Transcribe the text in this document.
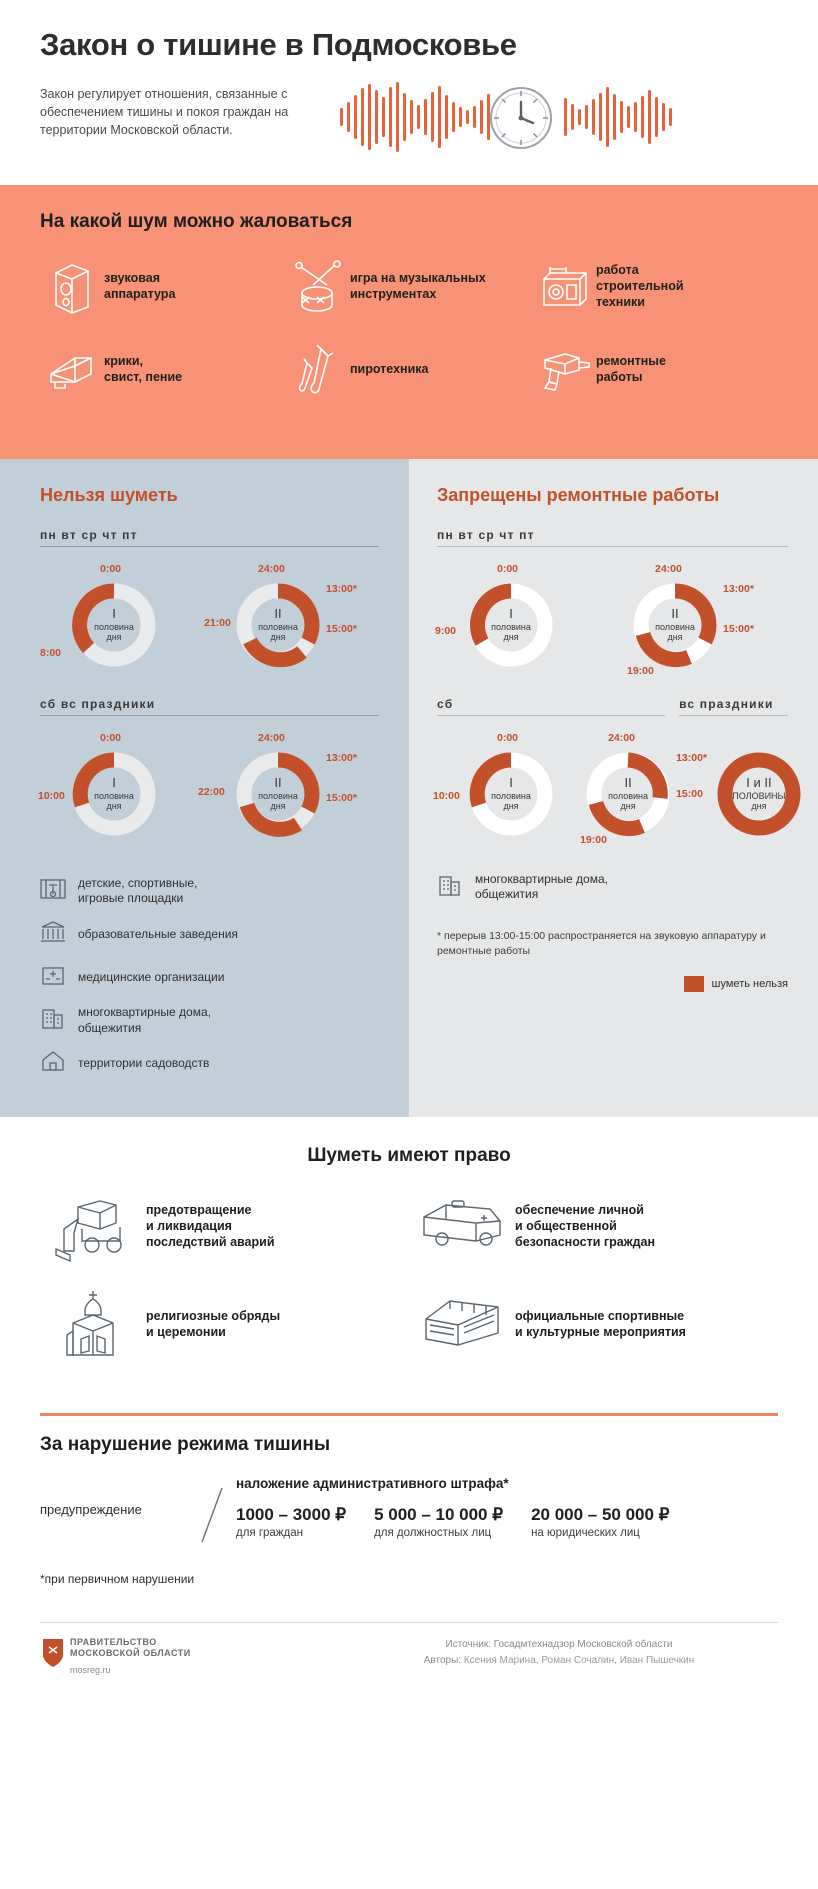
Закон о тишине в Подмосковье
Закон регулирует отношения, связанные с обеспечением тишины и покоя граждан на территории Московской области.
На какой шум можно жаловаться
звуковая
аппаратура
игра на музыкальных
инструментах
работа
строительной
техники
крики,
свист, пение
пиротехника
ремонтные
работы
Нельзя шуметь
пн вт ср чт пт
I
половина
дня
0:00
8:00
II
половина
дня
24:00
13:00*
15:00*
21:00
сб вс праздники
I
половина
дня
0:00
10:00
II
половина
дня
24:00
13:00*
15:00*
22:00
детские, спортивные,
игровые площадки
образовательные заведения
медицинские организации
многоквартирные дома,
общежития
территории садоводств
Запрещены ремонтные работы
пн вт ср чт пт
I
половина
дня
0:00
9:00
II
половина
дня
24:00
13:00*
15:00*
19:00
сб	вс праздники
I
половина
дня
0:00
10:00
II
половина
дня
24:00
13:00*
15:00
19:00
I и II
ПОЛОВИНЫ
дня
многоквартирные дома,
общежития
* перерыв 13:00-15:00 распространяется на звуковую аппаратуру и ремонтные работы
шуметь нельзя
Шуметь имеют право
предотвращение
и ликвидация
последствий аварий
обеспечение личной
и общественной
безопасности граждан
религиозные обряды
и церемонии
официальные спортивные
и культурные мероприятия
За нарушение режима тишины
предупреждение
наложение административного штрафа*
1000 – 3000 ₽
для граждан
5 000 – 10 000 ₽
для должностных лиц
20 000 – 50 000 ₽
на юридических лиц
*при первичном нарушении
ПРАВИТЕЛЬСТВО
МОСКОВСКОЙ ОБЛАСТИ
mosreg.ru
Источник: Госадмтехнадзор Московской области
Авторы: Ксения Марина, Роман Сочалин, Иван Пышечкин
